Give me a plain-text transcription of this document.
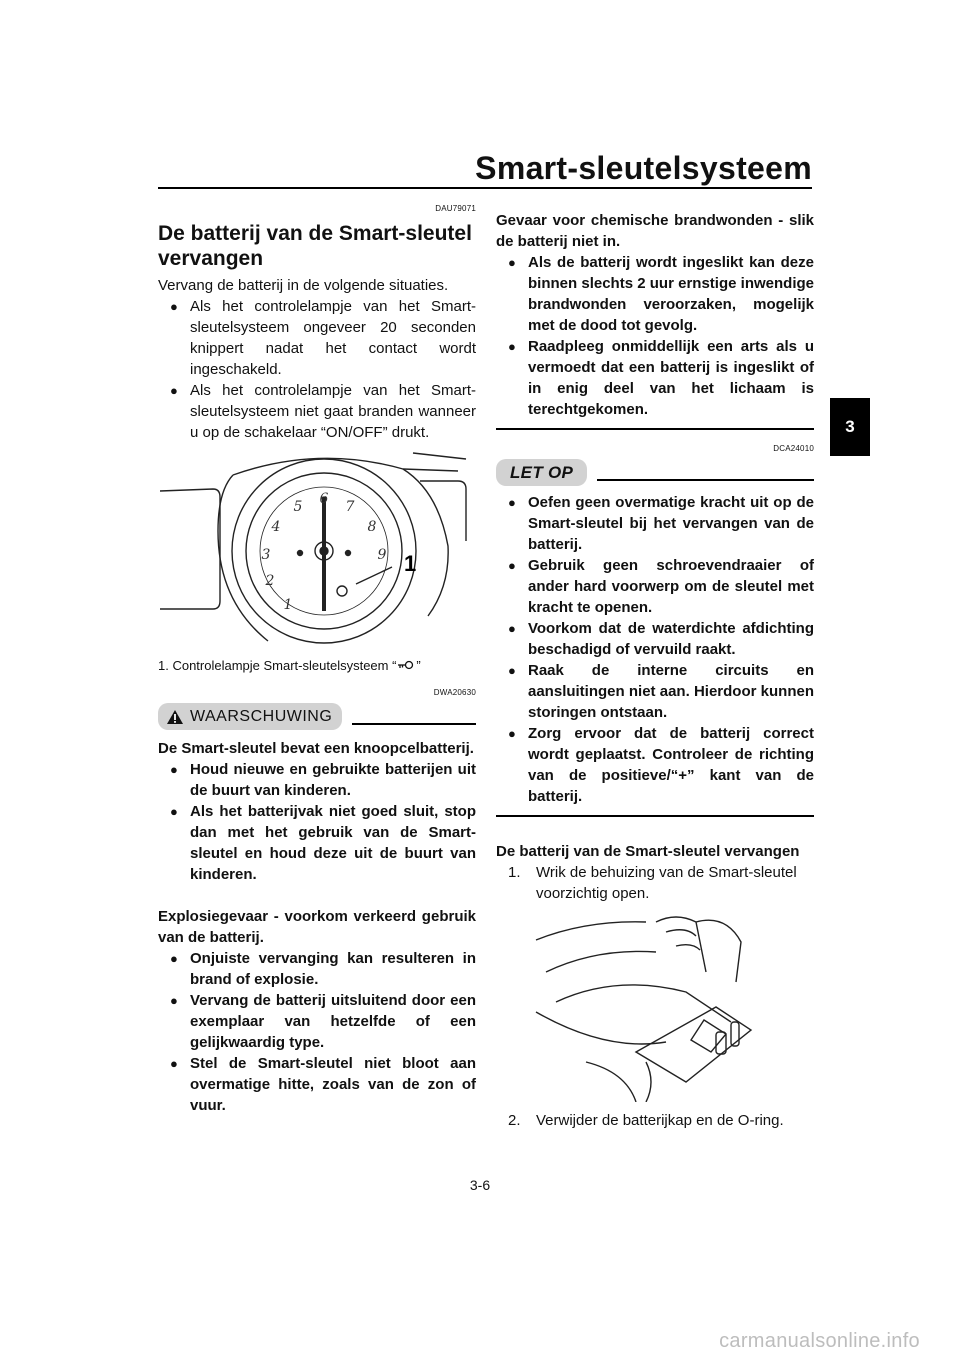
Smart-sleutelsysteem
3

DAU79071

De batterij van de Smart-sleutel vervangen

Vervang de batterij in de volgende situaties.

● Als het controlelampje van het Smart-sleutelsysteem ongeveer 20 seconden knippert nadat het contact wordt ingeschakeld.
● Als het controlelampje van het Smart-sleutelsysteem niet gaat branden wanneer u op de schakelaar “ON/OFF” drukt.
1
2
3
4
5 6 7
8
9 1

1. Controlelampje Smart-sleutelsysteem “ ”

DWA20630

WAARSCHUWING

De Smart-sleutel bevat een knoopcelbatterij.

● Houd nieuwe en gebruikte batterijen uit de buurt van kinderen.
● Als het batterijvak niet goed sluit, stop dan met het gebruik van de Smart-sleutel en houd deze uit de buurt van kinderen.

Explosiegevaar - voorkom verkeerd gebruik van de batterij.

● Onjuiste vervanging kan resulteren in brand of explosie.
● Vervang de batterij uitsluitend door een exemplaar van hetzelfde of een gelijkwaardig type.
● Stel de Smart-sleutel niet bloot aan overmatige hitte, zoals van de zon of vuur.

Gevaar voor chemische brandwonden - slik de batterij niet in.

● Als de batterij wordt ingeslikt kan deze binnen slechts 2 uur ernstige inwendige brandwonden veroorzaken, mogelijk met de dood tot gevolg.
● Raadpleeg onmiddellijk een arts als u vermoedt dat een batterij is ingeslikt of in enig deel van het lichaam is terechtgekomen.

DCA24010

LET OP
● Oefen geen overmatige kracht uit op de Smart-sleutel bij het vervangen van de batterij.
● Gebruik geen schroevendraaier of ander hard voorwerp om de sleutel met kracht te openen.
● Voorkom dat de waterdichte afdichting beschadigd of vervuild raakt.
● Raak de interne circuits en aansluitingen niet aan. Hierdoor kunnen storingen ontstaan.
● Zorg ervoor dat de batterij correct wordt geplaatst. Controleer de richting van de positieve/“+” kant van de batterij.

De batterij van de Smart-sleutel vervangen

1. Wrik de behuizing van de Smart-sleutel voorzichtig open.
2. Verwijder de batterijkap en de O-ring.
3-6
carmanualsonline.info
